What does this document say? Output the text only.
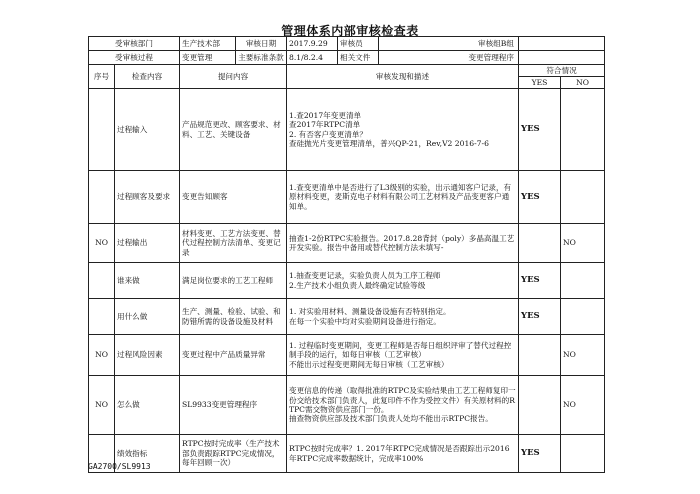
管理体系内部审核检查表
受审核部门		生产技术部 审核日期	2017.9.29 审核员 审核组B组		

受审核过程		变更管理 主要标准条款	8.1/8.2.4 相关文件 变更管理程序		

序号	检查内容	提问内容	审核发现和描述	符合情况	
				YES	NO
	过程输入	产品规范更改、顾客要求、材料、工艺、关键设备	1.查2017年变更清单
查2017年RTPC清单
2. 有否客户变更清单？
查硅抛光片变更管理清单，普兴QP-21，Rev,V2 2016-7-6	YES	
	过程顾客及要求	变更告知顾客	1.查变更清单中是否进行了L3级别的实验，出示通知客户记录，有原材料变更，麦斯克电子材料有限公司工艺材料及产品变更客户通知单。	YES	
NO	过程输出	材料变更、工艺方法变更、替代过程控制方法清单、变更记录	抽查1-2份RTPC实验报告。2017.8.28背封（poly）多晶高温工艺开发实验。报告中备用或替代控制方法未填写-		NO
	谁来做	满足岗位要求的工艺工程师	1.抽查变更记录，实验负责人员为工序工程师
2.生产技术小组负责人最终确定试验等级	YES	
	用什么做	生产、测量、检验、试验、和防错所需的设备设施及材料	1. 对实验用材料、测量设备设施有否特别指定。
在每一个实验中均对实验期间设备进行指定。	YES	
NO	过程风险因素	变更过程中产品质量异常	1. 过程临时变更期间，变更工程师是否每日组织评审了替代过程控制手段的运行，如每日审核（工艺审核）
不能出示过程变更期间无每日审核（工艺审核）		NO
NO	怎么做	SL9933变更管理程序	变更信息的传递（取得批准的RTPC及实验结果由工艺工程师复印一份交给技术部门负责人，此复印件不作为受控文件）有关原材料的RTPC需交物资供应部门一份。
抽查物资供应部及技术部门负责人处均不能出示RTPC报告。		NO
	绩效指标	RTPC按时完成率（生产技术部负责跟踪RTPC完成情况，每年回顾一次）	RTPC按时完成率？1. 2017年RTPC完成情况是否跟踪出示2016年RTPC完成率数据统计，完成率100%	YES	
GA2700/SL9913
